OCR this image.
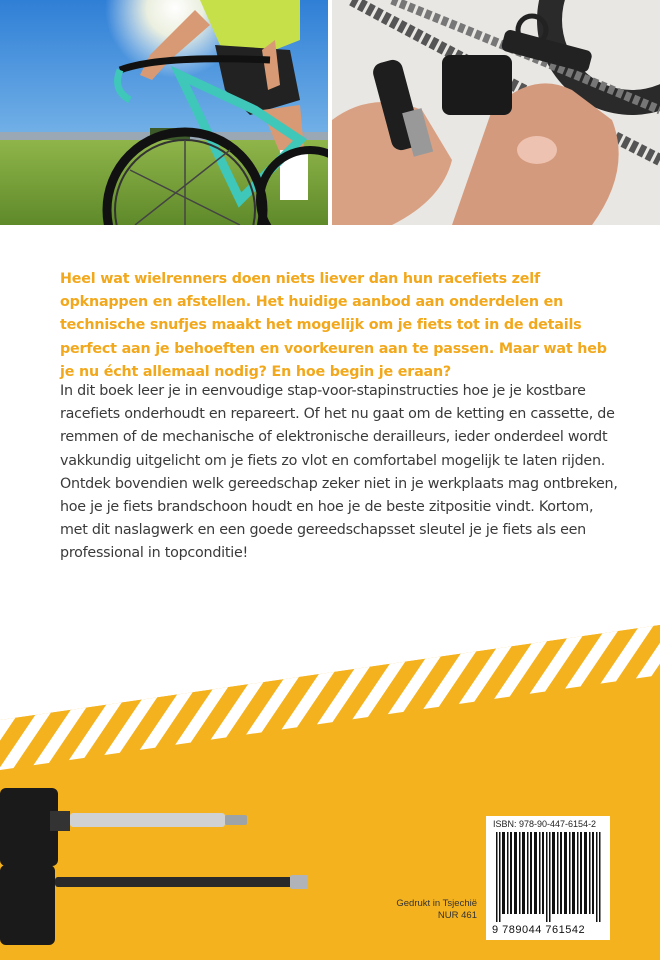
Heel wat wielrenners doen niets liever dan hun racefiets zelf opknappen en afstellen. Het huidige aanbod aan onderdelen en technische snufjes maakt het mogelijk om je fiets tot in de details perfect aan je behoeften en voorkeuren aan te passen. Maar wat heb je nu écht allemaal nodig? En hoe begin je eraan?

In dit boek leer je in eenvoudige stap-voor-stapinstructies hoe je je kostbare racefiets onderhoudt en repareert. Of het nu gaat om de ketting en cassette, de remmen of de mechanische of elektronische derailleurs, ieder onderdeel wordt vakkundig uitgelicht om je fiets zo vlot en comfortabel mogelijk te laten rijden. Ontdek bovendien welk gereedschap zeker niet in je werkplaats mag ontbreken, hoe je je fiets brandschoon houdt en hoe je de beste zitpositie vindt. Kortom, met dit naslagwerk en een goede gereedschapsset sleutel je je fiets als een professional in topconditie!

ISBN: 978-90-447-6154-2
9 789044 761542
Gedrukt in Tsjechië
NUR 461
